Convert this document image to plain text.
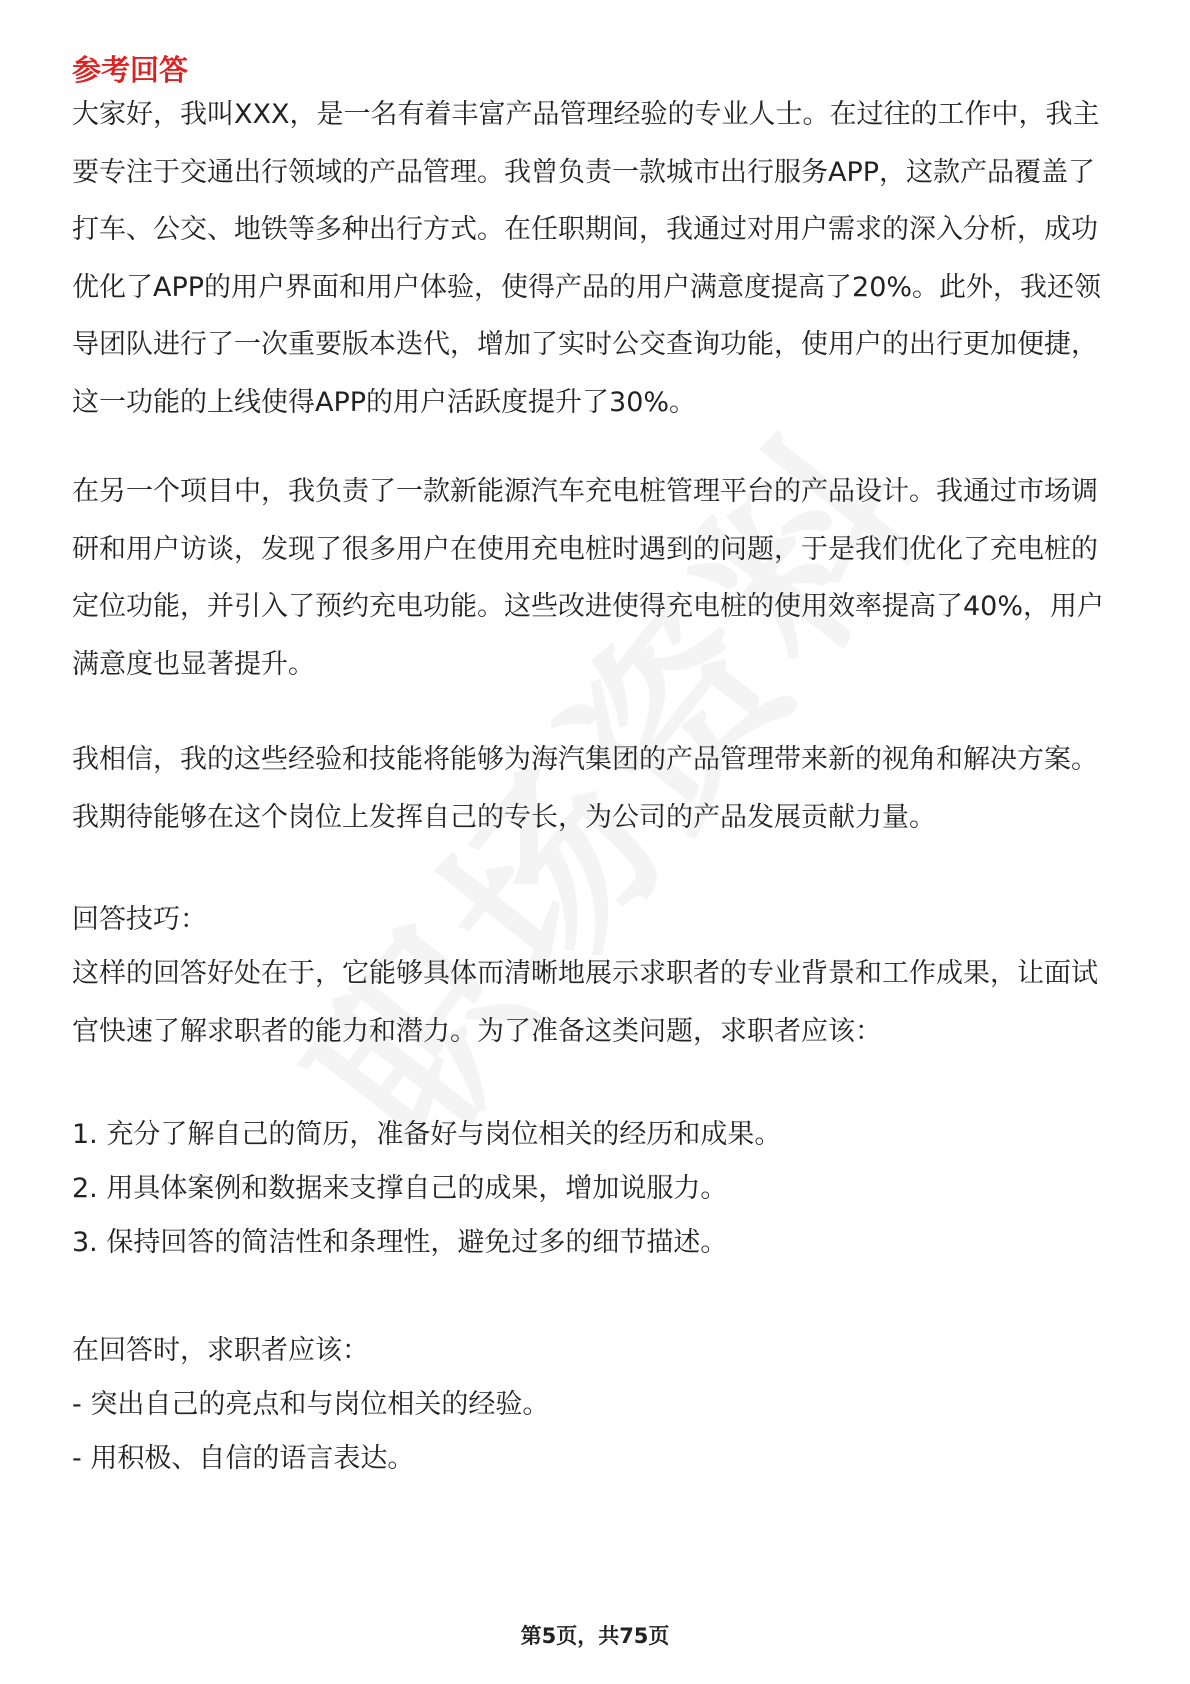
参考回答
大家好，我叫XXX，是一名有着丰富产品管理经验的专业人士。在过往的工作中，我主要专注于交通出行领域的产品管理。我曾负责一款城市出行服务APP，这款产品覆盖了打车、公交、地铁等多种出行方式。在任职期间，我通过对用户需求的深入分析，成功优化了APP的用户界面和用户体验，使得产品的用户满意度提高了20%。此外，我还领导团队进行了一次重要版本迭代，增加了实时公交查询功能，使用户的出行更加便捷，这一功能的上线使得APP的用户活跃度提升了30%。
在另一个项目中，我负责了一款新能源汽车充电桩管理平台的产品设计。我通过市场调研和用户访谈，发现了很多用户在使用充电桩时遇到的问题，于是我们优化了充电桩的定位功能，并引入了预约充电功能。这些改进使得充电桩的使用效率提高了40%，用户满意度也显著提升。
我相信，我的这些经验和技能将能够为海汽集团的产品管理带来新的视角和解决方案。我期待能够在这个岗位上发挥自己的专长，为公司的产品发展贡献力量。
回答技巧：
这样的回答好处在于，它能够具体而清晰地展示求职者的专业背景和工作成果，让面试官快速了解求职者的能力和潜力。为了准备这类问题，求职者应该：
1. 充分了解自己的简历，准备好与岗位相关的经历和成果。
2. 用具体案例和数据来支撑自己的成果，增加说服力。
3. 保持回答的简洁性和条理性，避免过多的细节描述。
在回答时，求职者应该：
- 突出自己的亮点和与岗位相关的经验。
- 用积极、自信的语言表达。
第5页，共75页
